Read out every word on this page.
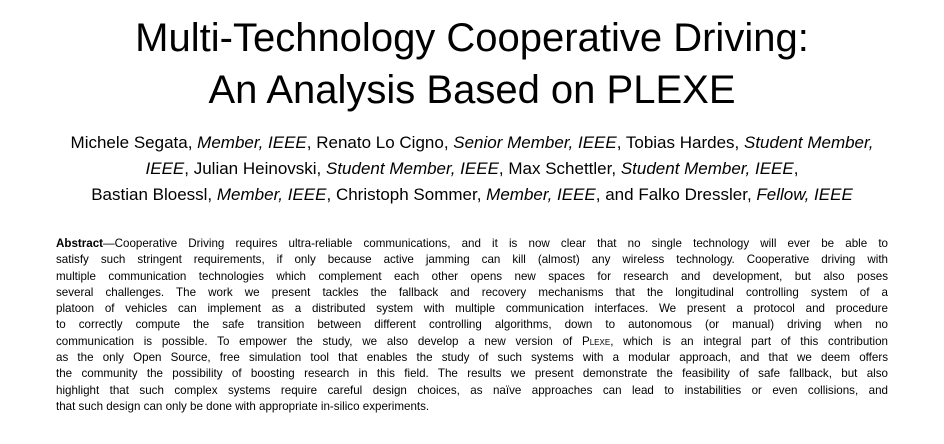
Multi-Technology Cooperative Driving:
An Analysis Based on PLEXE
Michele Segata, Member, IEEE, Renato Lo Cigno, Senior Member, IEEE, Tobias Hardes, Student Member,
IEEE, Julian Heinovski, Student Member, IEEE, Max Schettler, Student Member, IEEE,
Bastian Bloessl, Member, IEEE, Christoph Sommer, Member, IEEE, and Falko Dressler, Fellow, IEEE
Abstract—Cooperative Driving requires ultra-reliable communications, and it is now clear that no single technology will ever be able to
satisfy such stringent requirements, if only because active jamming can kill (almost) any wireless technology. Cooperative driving with
multiple communication technologies which complement each other opens new spaces for research and development, but also poses
several challenges. The work we present tackles the fallback and recovery mechanisms that the longitudinal controlling system of a
platoon of vehicles can implement as a distributed system with multiple communication interfaces. We present a protocol and procedure
to correctly compute the safe transition between different controlling algorithms, down to autonomous (or manual) driving when no
communication is possible. To empower the study, we also develop a new version of Plexe, which is an integral part of this contribution
as the only Open Source, free simulation tool that enables the study of such systems with a modular approach, and that we deem offers
the community the possibility of boosting research in this field. The results we present demonstrate the feasibility of safe fallback, but also
highlight that such complex systems require careful design choices, as naïve approaches can lead to instabilities or even collisions, and
that such design can only be done with appropriate in-silico experiments.
